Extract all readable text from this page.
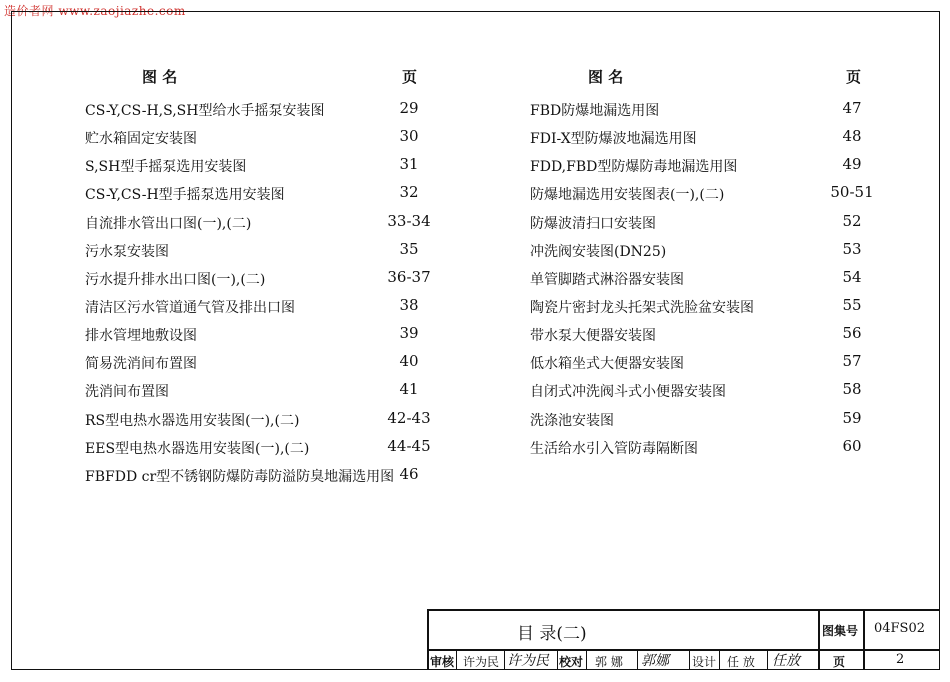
造价者网 www.zaojiazhe.com
图 名	页	图 名	页
CS-Y,CS-H,S,SH型给水手摇泵安装图	29
贮水箱固定安装图	30
S,SH型手摇泵选用安装图	31
CS-Y,CS-H型手摇泵选用安装图	32
自流排水管出口图(一),(二)	33-34
污水泵安装图	35
污水提升排水出口图(一),(二)	36-37
清洁区污水管道通气管及排出口图	38
排水管埋地敷设图	39
简易洗消间布置图	40
洗消间布置图	41
RS型电热水器选用安装图(一),(二)	42-43
EES型电热水器选用安装图(一),(二)	44-45
FBFDD cr型不锈钢防爆防毒防溢防臭地漏选用图 46
FBD防爆地漏选用图	47
FDI-X型防爆波地漏选用图	48
FDD,FBD型防爆防毒地漏选用图	49
防爆地漏选用安装图表(一),(二)	50-51
防爆波清扫口安装图	52
冲洗阀安装图(DN25)	53
单管脚踏式淋浴器安装图	54
陶瓷片密封龙头托架式洗脸盆安装图	55
带水泵大便器安装图	56
低水箱坐式大便器安装图	57
自闭式冲洗阀斗式小便器安装图	58
洗涤池安装图	59
生活给水引入管防毒隔断图	60
目 录(二)	图集号 04FS02
审核 许为民 许为民 校对 郭 娜 郭娜 设计 任 放 任放	页	2
